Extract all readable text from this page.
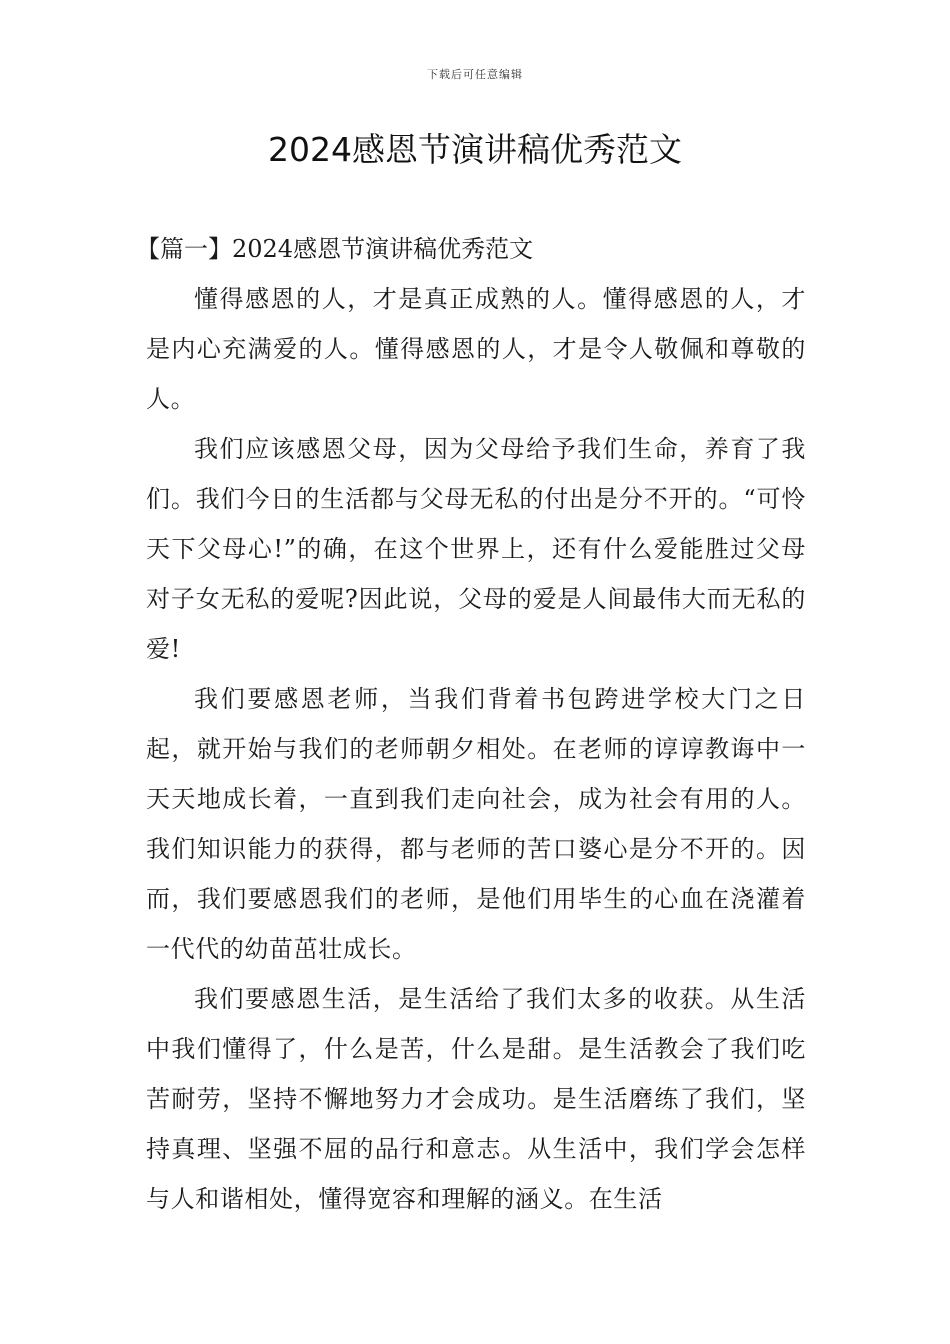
下载后可任意编辑
2024感恩节演讲稿优秀范文

【篇一】2024感恩节演讲稿优秀范文

懂得感恩的人，才是真正成熟的人。懂得感恩的人，才是内心充满爱的人。懂得感恩的人，才是令人敬佩和尊敬的人。

我们应该感恩父母，因为父母给予我们生命，养育了我们。我们今日的生活都与父母无私的付出是分不开的。“可怜天下父母心!”的确，在这个世界上，还有什么爱能胜过父母对子女无私的爱呢?因此说，父母的爱是人间最伟大而无私的爱!

我们要感恩老师，当我们背着书包跨进学校大门之日起，就开始与我们的老师朝夕相处。在老师的谆谆教诲中一天天地成长着，一直到我们走向社会，成为社会有用的人。我们知识能力的获得，都与老师的苦口婆心是分不开的。因而，我们要感恩我们的老师，是他们用毕生的心血在浇灌着一代代的幼苗茁壮成长。

我们要感恩生活，是生活给了我们太多的收获。从生活中我们懂得了，什么是苦，什么是甜。是生活教会了我们吃苦耐劳，坚持不懈地努力才会成功。是生活磨练了我们，坚持真理、坚强不屈的品行和意志。从生活中，我们学会怎样与人和谐相处，懂得宽容和理解的涵义。在生活
